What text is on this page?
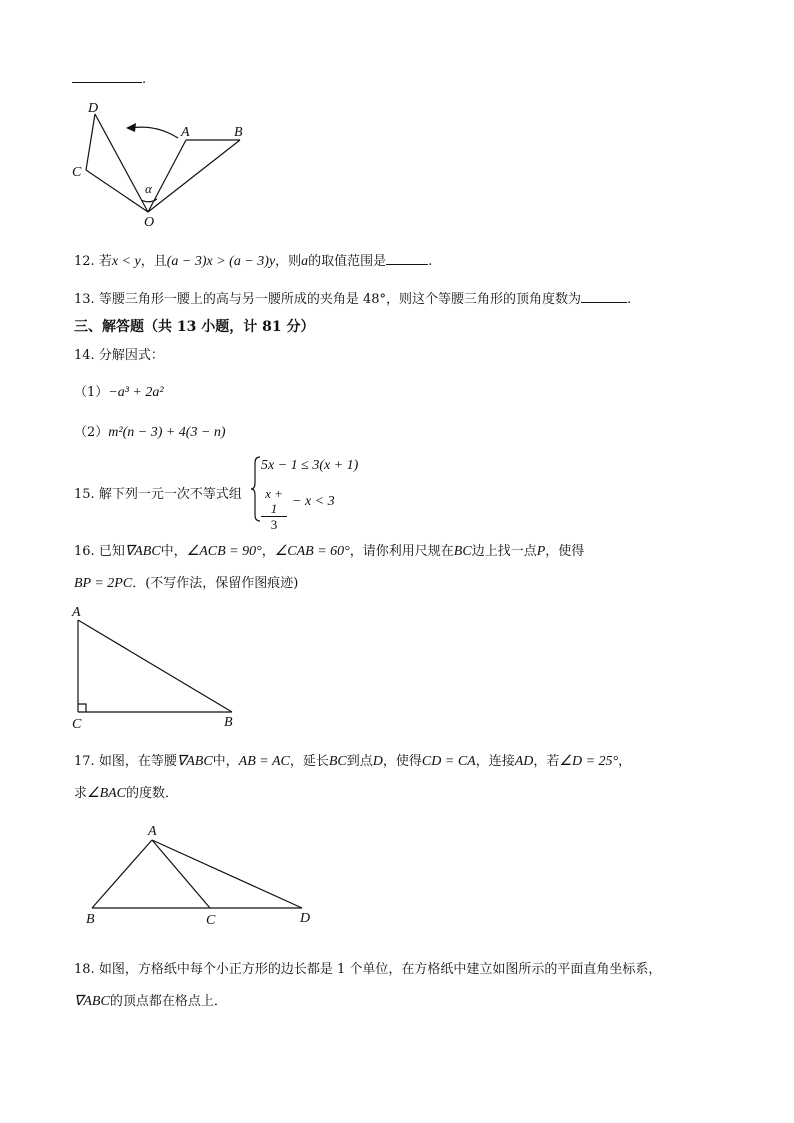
.
D
A	B
C
O
α
12. 若x < y，且(a − 3)x > (a − 3)y，则a的取值范围是	.
13. 等腰三角形一腰上的高与另一腰所成的夹角是 48°，则这个等腰三角形的顶角度数为	.
三、解答题（共 13 小题，计 81 分）
14. 分解因式：
（1）−a³ + 2a²
（2）m²(n − 3) + 4(3 − n)
15. 解下列一元一次不等式组
5x − 1 ≤ 3(x + 1)
$\frac{x + 1}{3} - x < 3$
16. 已知∇ABC中，∠ACB = 90°，∠CAB = 60°，请你利用尺规在BC边上找一点P，使得
BP = 2PC．(不写作法，保留作图痕迹)
A
C	B
17. 如图，在等腰∇ABC中，AB = AC，延长BC到点D，使得CD = CA，连接AD，若∠D = 25°，
求∠BAC的度数．
A
B	C	D
18. 如图，方格纸中每个小正方形的边长都是 1 个单位，在方格纸中建立如图所示的平面直角坐标系，
∇ABC的顶点都在格点上．
